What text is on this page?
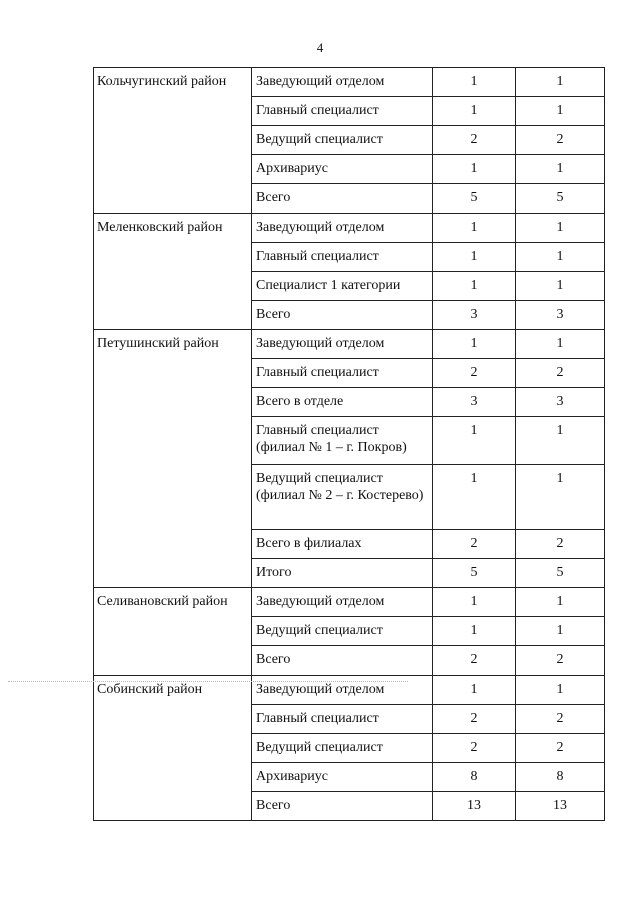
4
Кольчугинский район	Заведующий отделом	1	1
	Главный специалист	1	1
	Ведущий специалист	2	2
	Архивариус	1	1
	Всего	5	5
Меленковский район	Заведующий отделом	1	1
	Главный специалист	1	1
	Специалист 1 категории	1	1
	Всего	3	3
Петушинский район	Заведующий отделом	1	1
	Главный специалист	2	2
	Всего в отделе	3	3
	Главный специалист (филиал № 1 – г. Покров)	1	1
	Ведущий специалист (филиал № 2 – г. Костерево)	1	1
	Всего в филиалах	2	2
	Итого	5	5
Селивановский район	Заведующий отделом	1	1
	Ведущий специалист	1	1
	Всего	2	2
Собинский район	Заведующий отделом	1	1
	Главный специалист	2	2
	Ведущий специалист	2	2
	Архивариус	8	8
	Всего	13	13
